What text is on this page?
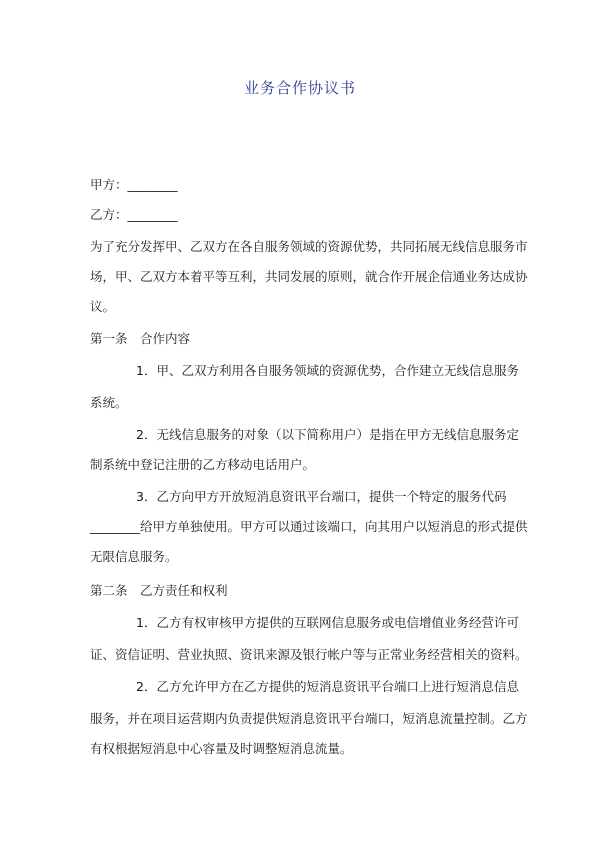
业务合作协议书
甲方：________
乙方：________
为了充分发挥甲、乙双方在各自服务领域的资源优势，共同拓展无线信息服务市
场，甲、乙双方本着平等互利，共同发展的原则，就合作开展企信通业务达成协
议。
第一条　合作内容
1．甲、乙双方利用各自服务领域的资源优势，合作建立无线信息服务
系统。
2．无线信息服务的对象（以下简称用户）是指在甲方无线信息服务定
制系统中登记注册的乙方移动电话用户。
3．乙方向甲方开放短消息资讯平台端口，提供一个特定的服务代码
________给甲方单独使用。甲方可以通过该端口，向其用户以短消息的形式提供
无限信息服务。
第二条　乙方责任和权利
1．乙方有权审核甲方提供的互联网信息服务或电信增值业务经营许可
证、资信证明、营业执照、资讯来源及银行帐户等与正常业务经营相关的资料。
2．乙方允许甲方在乙方提供的短消息资讯平台端口上进行短消息信息
服务，并在项目运营期内负责提供短消息资讯平台端口，短消息流量控制。乙方
有权根据短消息中心容量及时调整短消息流量。
